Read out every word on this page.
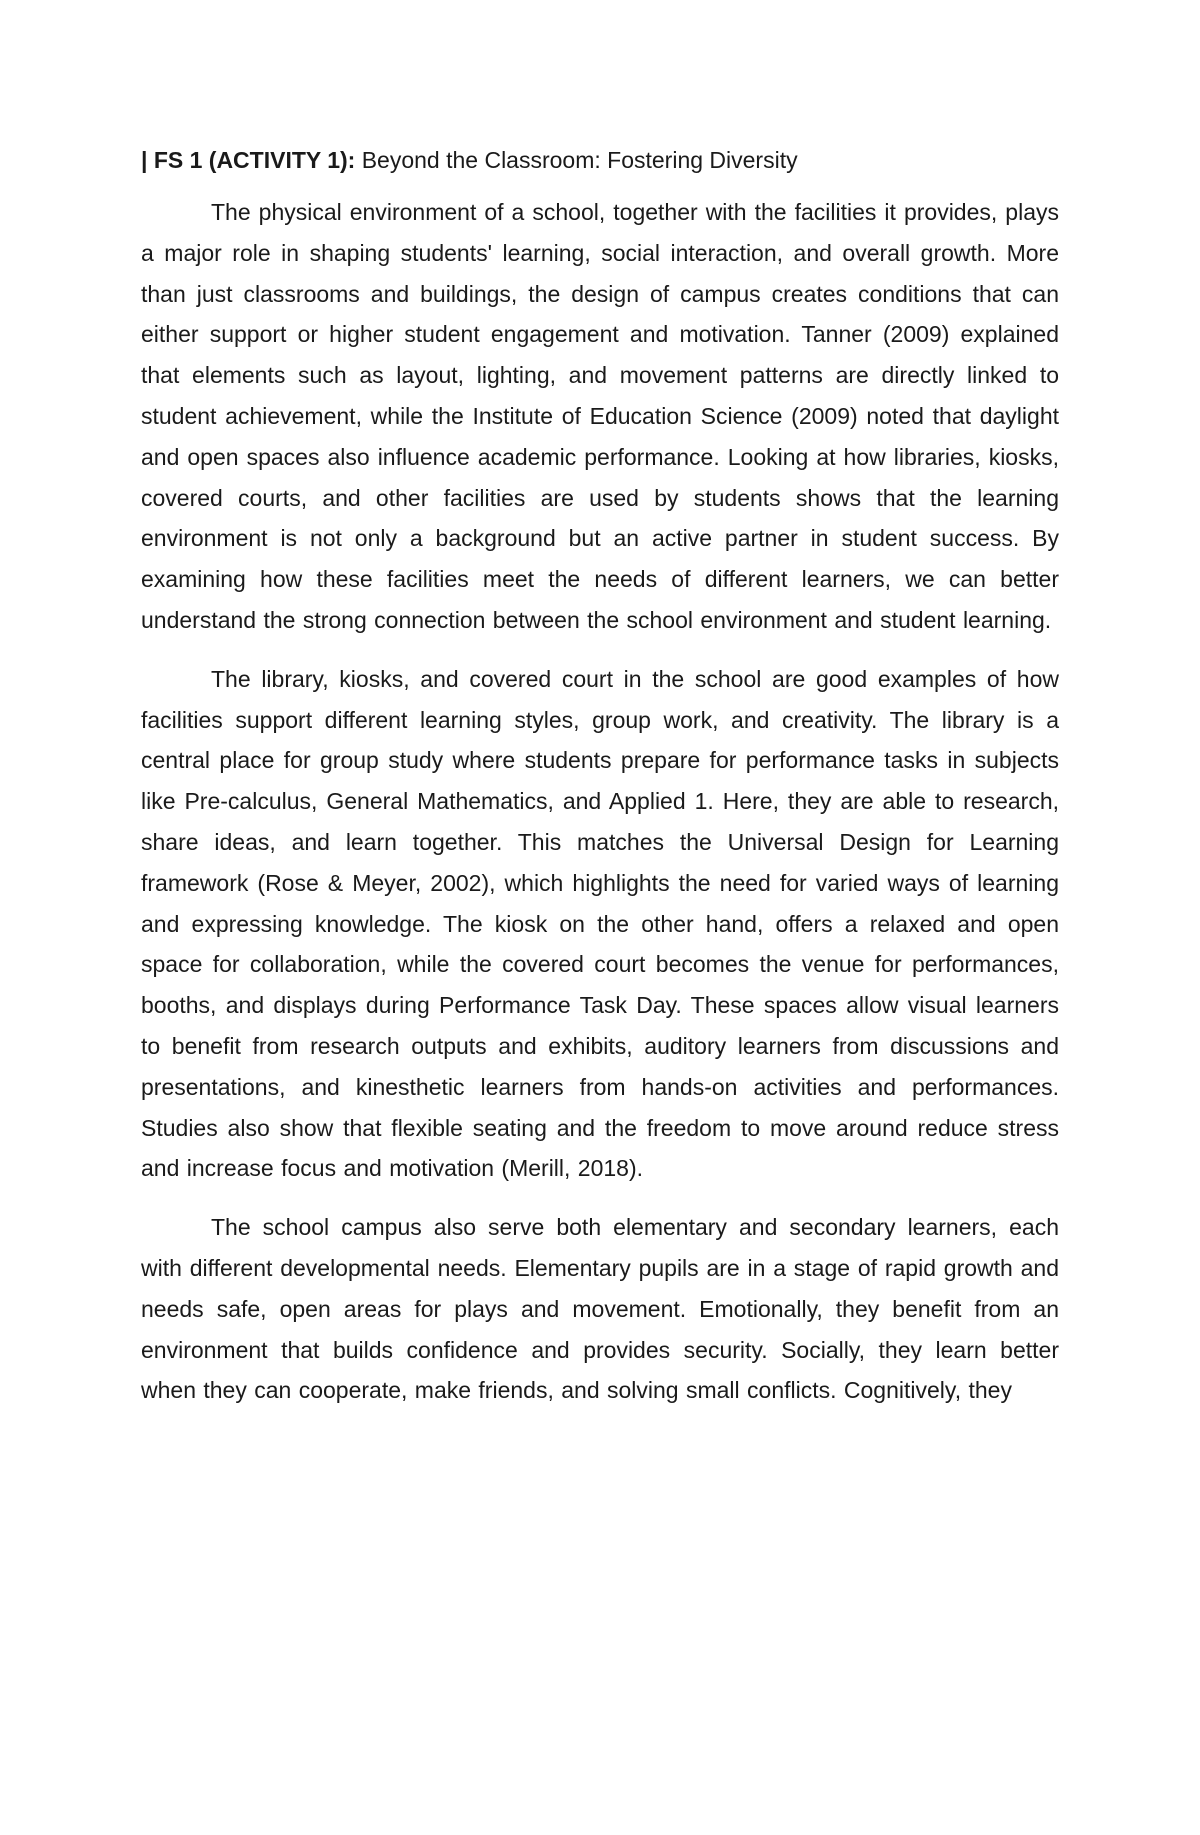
| FS 1 (ACTIVITY 1): Beyond the Classroom: Fostering Diversity

The physical environment of a school, together with the facilities it provides, plays a major role in shaping students' learning, social interaction, and overall growth. More than just classrooms and buildings, the design of campus creates conditions that can either support or higher student engagement and motivation. Tanner (2009) explained that elements such as layout, lighting, and movement patterns are directly linked to student achievement, while the Institute of Education Science (2009) noted that daylight and open spaces also influence academic performance. Looking at how libraries, kiosks, covered courts, and other facilities are used by students shows that the learning environment is not only a background but an active partner in student success. By examining how these facilities meet the needs of different learners, we can better understand the strong connection between the school environment and student learning.

The library, kiosks, and covered court in the school are good examples of how facilities support different learning styles, group work, and creativity. The library is a central place for group study where students prepare for performance tasks in subjects like Pre-calculus, General Mathematics, and Applied 1. Here, they are able to research, share ideas, and learn together. This matches the Universal Design for Learning framework (Rose & Meyer, 2002), which highlights the need for varied ways of learning and expressing knowledge. The kiosk on the other hand, offers a relaxed and open space for collaboration, while the covered court becomes the venue for performances, booths, and displays during Performance Task Day. These spaces allow visual learners to benefit from research outputs and exhibits, auditory learners from discussions and presentations, and kinesthetic learners from hands-on activities and performances. Studies also show that flexible seating and the freedom to move around reduce stress and increase focus and motivation (Merill, 2018).

The school campus also serve both elementary and secondary learners, each with different developmental needs. Elementary pupils are in a stage of rapid growth and needs safe, open areas for plays and movement. Emotionally, they benefit from an environment that builds confidence and provides security. Socially, they learn better when they can cooperate, make friends, and solving small conflicts. Cognitively, they
